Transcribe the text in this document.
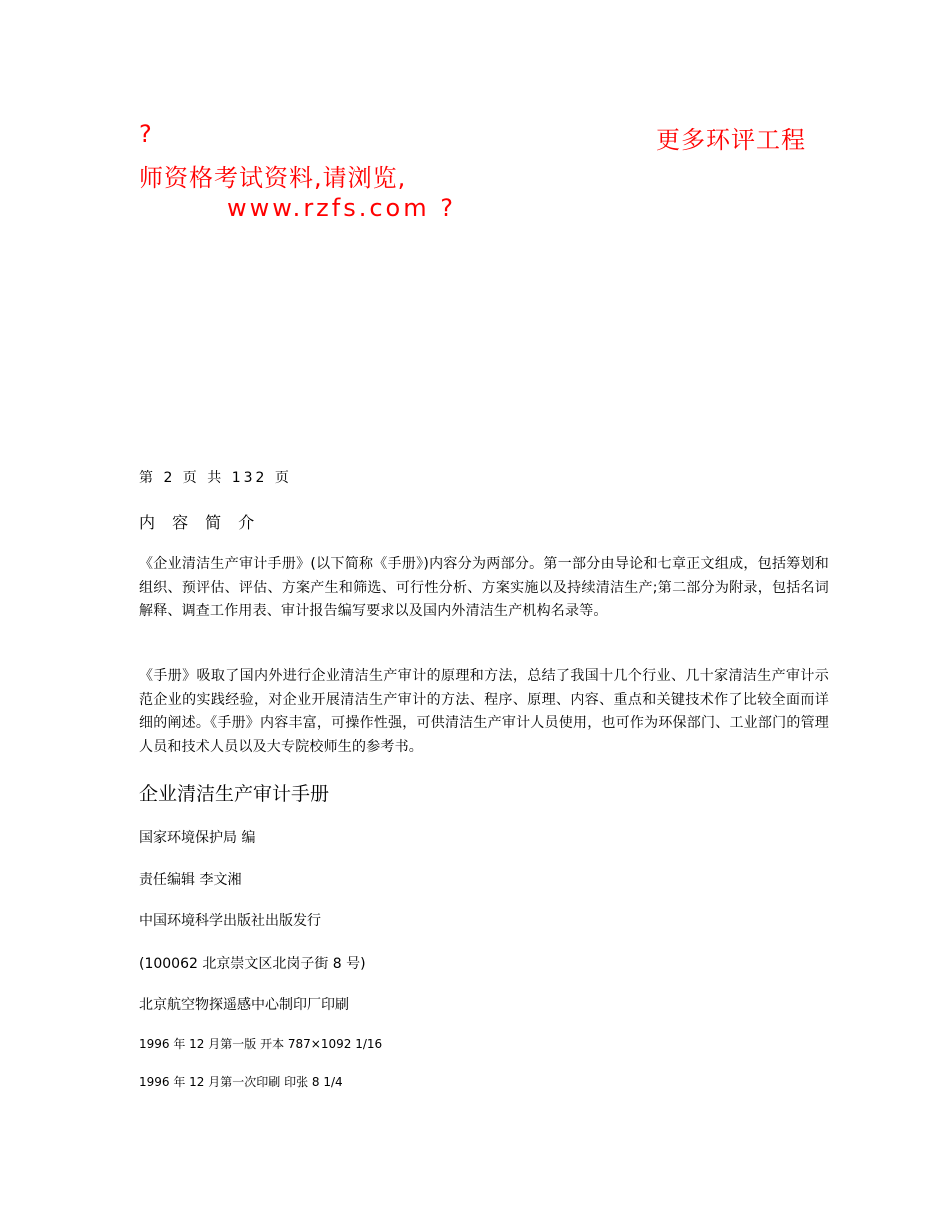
?	更多环评工程
师资格考试资料,请浏览,
www.rzfs.com ?
第 2 页 共 132 页
内 容 简 介
《企业清洁生产审计手册》(以下简称《手册》)内容分为两部分。第一部分由导论和七章正文组成，包括筹划和组织、预评估、评估、方案产生和筛选、可行性分析、方案实施以及持续清洁生产;第二部分为附录，包括名词解释、调查工作用表、审计报告编写要求以及国内外清洁生产机构名录等。
《手册》吸取了国内外进行企业清洁生产审计的原理和方法，总结了我国十几个行业、几十家清洁生产审计示范企业的实践经验，对企业开展清洁生产审计的方法、程序、原理、内容、重点和关键技术作了比较全面而详细的阐述。《手册》内容丰富，可操作性强，可供清洁生产审计人员使用，也可作为环保部门、工业部门的管理人员和技术人员以及大专院校师生的参考书。
企业清洁生产审计手册
国家环境保护局 编
责任编辑 李文湘
中国环境科学出版社出版发行
(100062 北京崇文区北岗子街 8 号)
北京航空物探遥感中心制印厂印刷
1996 年 12 月第一版 开本 787×1092 1/16
1996 年 12 月第一次印刷 印张 8 1/4
